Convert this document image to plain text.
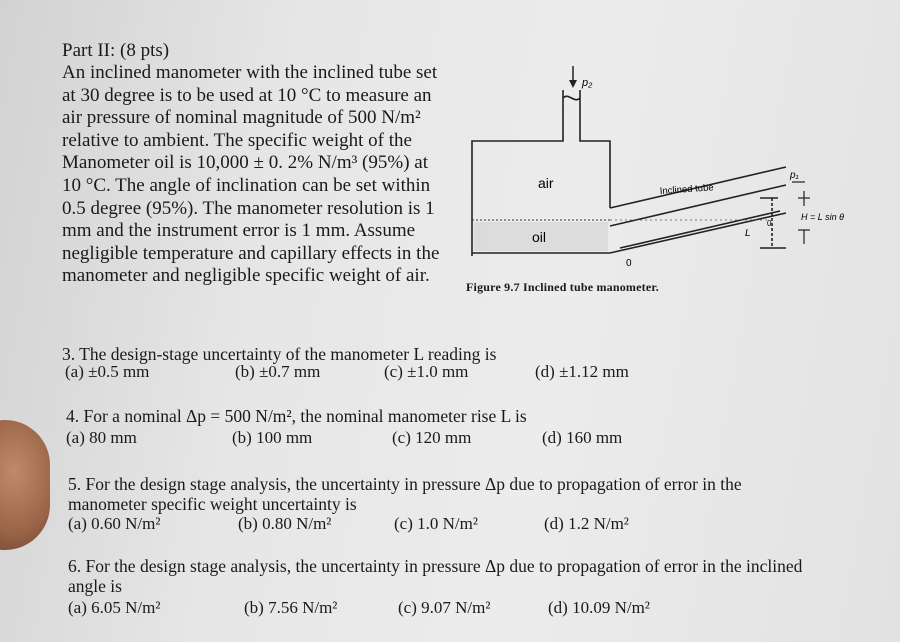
Part II: (8 pts)
An inclined manometer with the inclined tube set
at 30 degree is to be used at 10 °C to measure an
air pressure of nominal magnitude of 500 N/m²
relative to ambient. The specific weight of the
Manometer oil is 10,000 ± 0. 2% N/m³ (95%) at
10 °C. The angle of inclination can be set within
0.5 degree (95%). The manometer resolution is 1
mm and the instrument error is 1 mm. Assume
negligible temperature and capillary effects in the
manometer and negligible specific weight of air.
p₂
p₁
H = L sin θ
air
oil
Inclined tube
0
0
L
Figure 9.7 Inclined tube manometer.
3. The design-stage uncertainty of the manometer L reading is
(a) ±0.5 mm	(b) ±0.7 mm	(c) ±1.0 mm	(d) ±1.12 mm
4. For a nominal Δp = 500 N/m², the nominal manometer rise L is
(a) 80 mm	(b) 100 mm	(c) 120 mm	(d) 160 mm
5. For the design stage analysis, the uncertainty in pressure Δp due to propagation of error in the
manometer specific weight uncertainty is
(a) 0.60 N/m²	(b) 0.80 N/m²	(c) 1.0 N/m²	(d) 1.2 N/m²
6. For the design stage analysis, the uncertainty in pressure Δp due to propagation of error in the inclined
angle is
(a) 6.05 N/m²	(b) 7.56 N/m²	(c) 9.07 N/m²	(d) 10.09 N/m²
